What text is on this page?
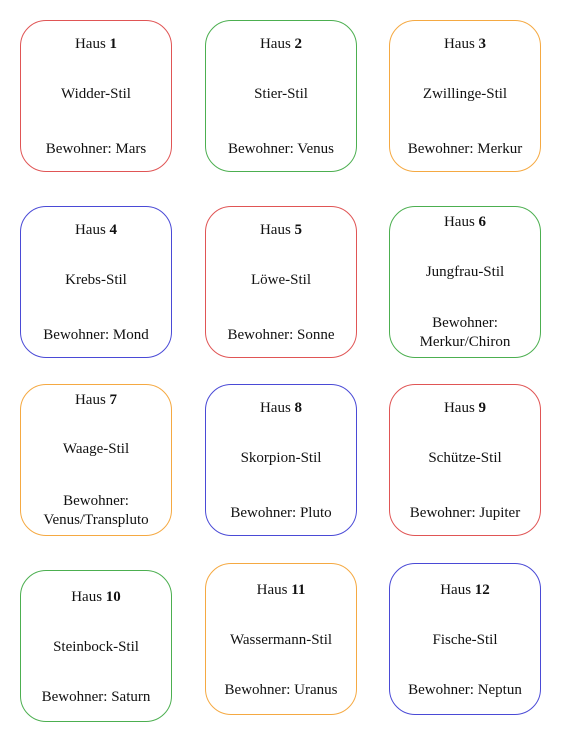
Haus 1
Widder-Stil
Bewohner: Mars
Haus 2
Stier-Stil
Bewohner: Venus
Haus 3
Zwillinge-Stil
Bewohner: Merkur
Haus 4
Krebs-Stil
Bewohner: Mond
Haus 5
Löwe-Stil
Bewohner: Sonne
Haus 6
Jungfrau-Stil
Bewohner: Merkur/Chiron
Haus 7
Waage-Stil
Bewohner: Venus/Transpluto
Haus 8
Skorpion-Stil
Bewohner: Pluto
Haus 9
Schütze-Stil
Bewohner: Jupiter
Haus 10
Steinbock-Stil
Bewohner: Saturn
Haus 11
Wassermann-Stil
Bewohner: Uranus
Haus 12
Fische-Stil
Bewohner: Neptun
